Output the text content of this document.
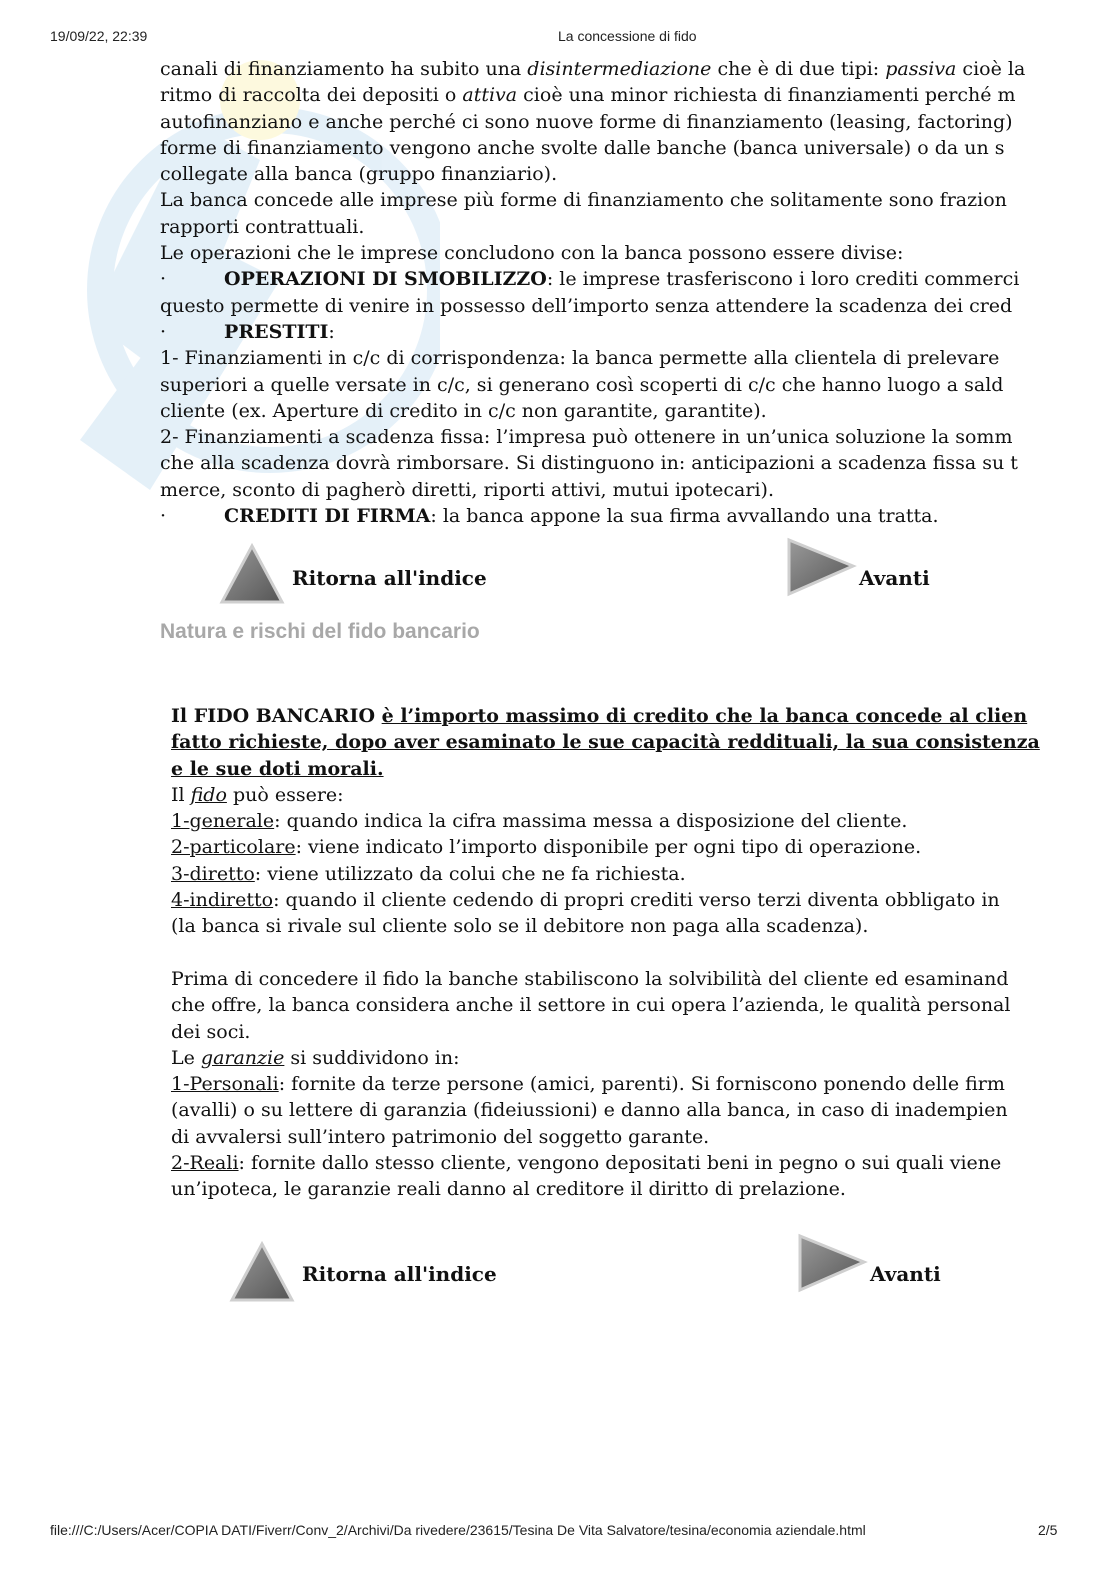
19/09/22, 22:39	La concessione di fido

canali di finanziamento ha subito una disintermediazione che è di due tipi: passiva cioè la

ritmo di raccolta dei depositi o attiva cioè una minor richiesta di finanziamenti perché m

autofinanziano e anche perché ci sono nuove forme di finanziamento (leasing, factoring)

forme di finanziamento vengono anche svolte dalle banche (banca universale) o da un s

collegate alla banca (gruppo finanziario).

La banca concede alle imprese più forme di finanziamento che solitamente sono frazion

rapporti contrattuali.

Le operazioni che le imprese concludono con la banca possono essere divise:

·	OPERAZIONI DI SMOBILIZZO: le imprese trasferiscono i loro crediti commerci

questo permette di venire in possesso dell’importo senza attendere la scadenza dei cred

·	PRESTITI:

1- Finanziamenti in c/c di corrispondenza: la banca permette alla clientela di prelevare

superiori a quelle versate in c/c, si generano così scoperti di c/c che hanno luogo a sald

cliente (ex. Aperture di credito in c/c non garantite, garantite).

2- Finanziamenti a scadenza fissa: l’impresa può ottenere in un’unica soluzione la somm

che alla scadenza dovrà rimborsare. Si distinguono in: anticipazioni a scadenza fissa su t

merce, sconto di pagherò diretti, riporti attivi, mutui ipotecari).

·	CREDITI DI FIRMA: la banca appone la sua firma avvallando una tratta.

Ritorna all'indice	Avanti
Natura e rischi del fido bancario

Il FIDO BANCARIO è l’importo massimo di credito che la banca concede al clien

fatto richieste, dopo aver esaminato le sue capacità reddituali, la sua consistenza

e le sue doti morali.

Il fido può essere:

1-generale: quando indica la cifra massima messa a disposizione del cliente.

2-particolare: viene indicato l’importo disponibile per ogni tipo di operazione.

3-diretto: viene utilizzato da colui che ne fa richiesta.

4-indiretto: quando il cliente cedendo di propri crediti verso terzi diventa obbligato in

(la banca si rivale sul cliente solo se il debitore non paga alla scadenza).

Prima di concedere il fido la banche stabiliscono la solvibilità del cliente ed esaminand

che offre, la banca considera anche il settore in cui opera l’azienda, le qualità personal

dei soci.

Le garanzie si suddividono in:

1-Personali: fornite da terze persone (amici, parenti). Si forniscono ponendo delle firm

(avalli) o su lettere di garanzia (fideiussioni) e danno alla banca, in caso di inadempien

di avvalersi sull’intero patrimonio del soggetto garante.

2-Reali: fornite dallo stesso cliente, vengono depositati beni in pegno o sui quali viene

un’ipoteca, le garanzie reali danno al creditore il diritto di prelazione.

Ritorna all'indice	Avanti
file:///C:/Users/Acer/COPIA DATI/Fiverr/Conv_2/Archivi/Da rivedere/23615/Tesina De Vita Salvatore/tesina/economia aziendale.html	2/5
